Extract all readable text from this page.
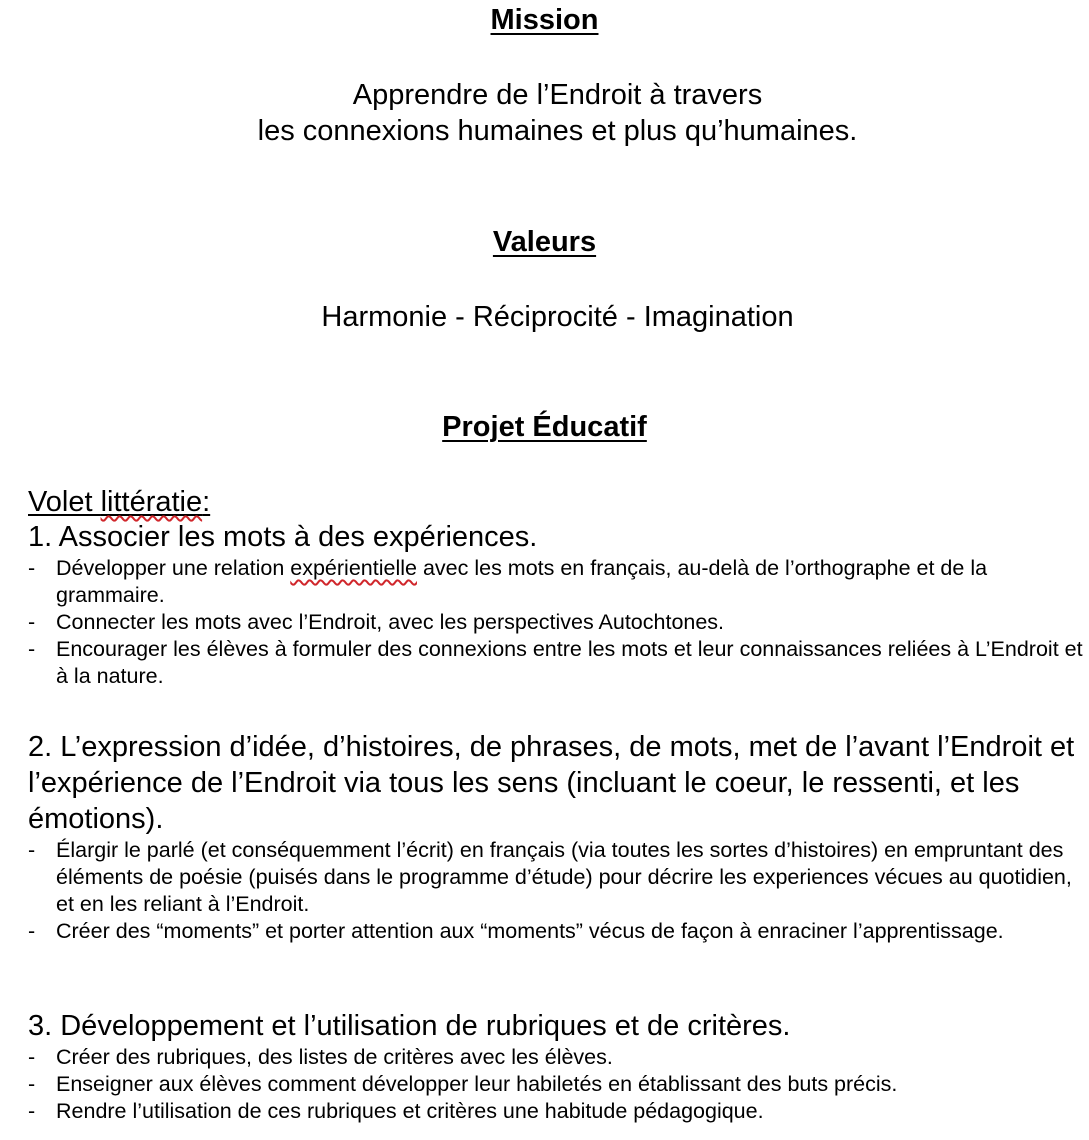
Mission

Apprendre de l’Endroit à travers

les connexions humaines et plus qu’humaines.

Valeurs

Harmonie - Réciprocité - Imagination

Projet Éducatif

Volet littératie:

1. Associer les mots à des expériences.

- Développer une relation expérientielle avec les mots en français, au-delà de l’orthographe et de la grammaire.
- Connecter les mots avec l’Endroit, avec les perspectives Autochtones.
- Encourager les élèves à formuler des connexions entre les mots et leur connaissances reliées à L’Endroit et à la nature.

2. L’expression d’idée, d’histoires, de phrases, de mots, met de l’avant l’Endroit et l’expérience de l’Endroit via tous les sens (incluant le coeur, le ressenti, et les émotions).

- Élargir le parlé (et conséquemment l’écrit) en français (via toutes les sortes d’histoires) en empruntant des éléments de poésie (puisés dans le programme d’étude) pour décrire les experiences vécues au quotidien, et en les reliant à l’Endroit.
- Créer des “moments” et porter attention aux “moments” vécus de façon à enraciner l’apprentissage.

3. Développement et l’utilisation de rubriques et de critères.

- Créer des rubriques, des listes de critères avec les élèves.
- Enseigner aux élèves comment développer leur habiletés en établissant des buts précis.
- Rendre l’utilisation de ces rubriques et critères une habitude pédagogique.
